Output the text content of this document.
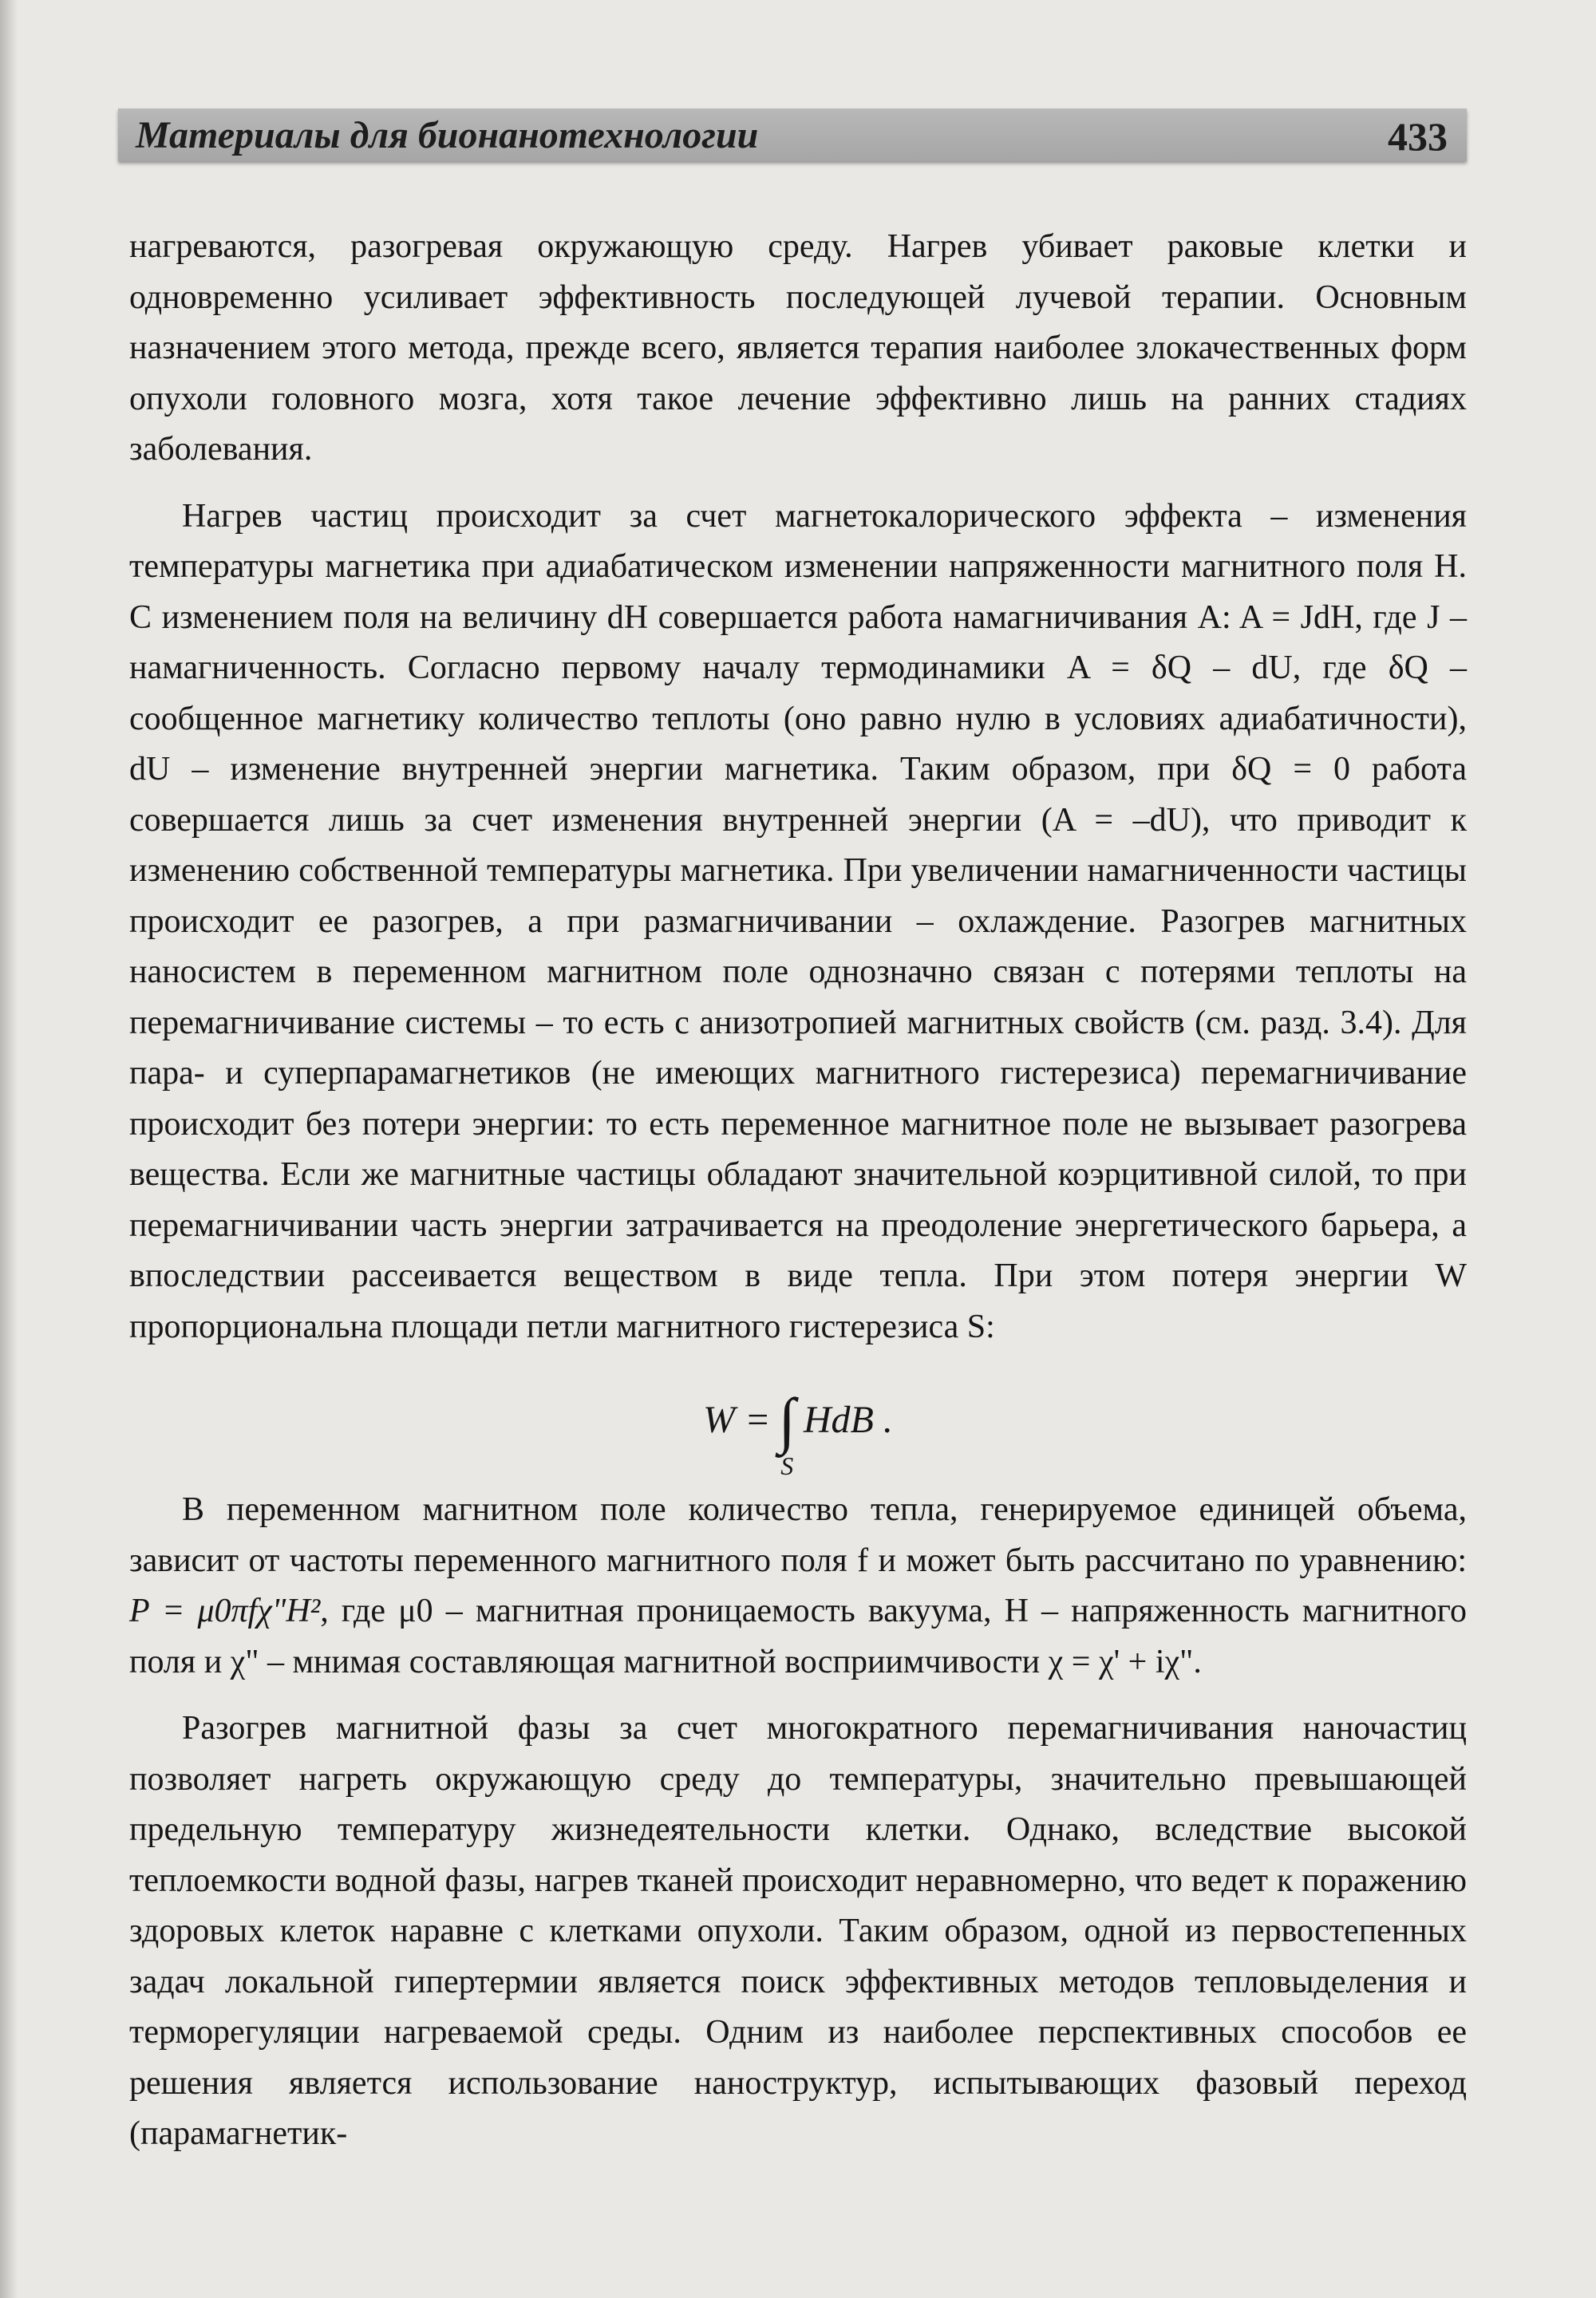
Материалы для бионанотехнологии	433

нагреваются, разогревая окружающую среду. Нагрев убивает раковые клетки и одновременно усиливает эффективность последующей лучевой терапии. Основным назначением этого метода, прежде всего, является терапия наиболее злокачественных форм опухоли головного мозга, хотя такое лечение эффективно лишь на ранних стадиях заболевания.

Нагрев частиц происходит за счет магнетокалорического эффекта – изменения температуры магнетика при адиабатическом изменении напряженности магнитного поля H. С изменением поля на величину dH совершается работа намагничивания A: A = JdH, где J – намагниченность. Согласно первому началу термодинамики A = δQ – dU, где δQ – сообщенное магнетику количество теплоты (оно равно нулю в условиях адиабатичности), dU – изменение внутренней энергии магнетика. Таким образом, при δQ = 0 работа совершается лишь за счет изменения внутренней энергии (A = –dU), что приводит к изменению собственной температуры магнетика. При увеличении намагниченности частицы происходит ее разогрев, а при размагничивании – охлаждение. Разогрев магнитных наносистем в переменном магнитном поле однозначно связан с потерями теплоты на перемагничивание системы – то есть с анизотропией магнитных свойств (см. разд. 3.4). Для пара- и суперпарамагнетиков (не имеющих магнитного гистерезиса) перемагничивание происходит без потери энергии: то есть переменное магнитное поле не вызывает разогрева вещества. Если же магнитные частицы обладают значительной коэрцитивной силой, то при перемагничивании часть энергии затрачивается на преодоление энергетического барьера, а впоследствии рассеивается веществом в виде тепла. При этом потеря энергии W пропорциональна площади петли магнитного гистерезиса S:

W = ∫
S
HdB .

В переменном магнитном поле количество тепла, генерируемое единицей объема, зависит от частоты переменного магнитного поля f и может быть рассчитано по уравнению: P = μ0πfχ"H², где μ0 – магнитная проницаемость вакуума, H – напряженность магнитного поля и χ" – мнимая составляющая магнитной восприимчивости χ = χ' + iχ".

Разогрев магнитной фазы за счет многократного перемагничивания наночастиц позволяет нагреть окружающую среду до температуры, значительно превышающей предельную температуру жизнедеятельности клетки. Однако, вследствие высокой теплоемкости водной фазы, нагрев тканей происходит неравномерно, что ведет к поражению здоровых клеток наравне с клетками опухоли. Таким образом, одной из первостепенных задач локальной гипертермии является поиск эффективных методов тепловыделения и терморегуляции нагреваемой среды. Одним из наиболее перспективных способов ее решения является использование наноструктур, испытывающих фазовый переход (парамагнетик-
